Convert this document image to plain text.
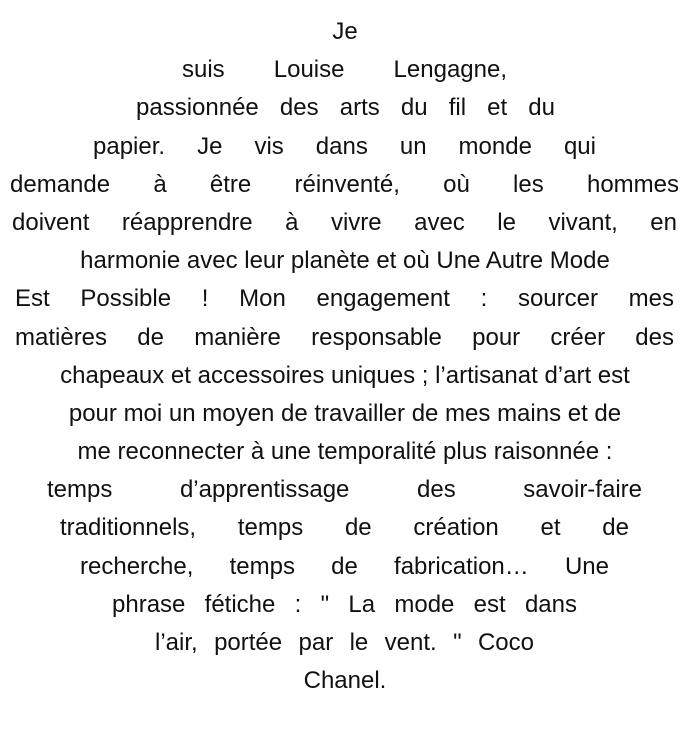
Je
suis Louise Lengagne,
passionnée des arts du fil et du
papier. Je vis dans un monde qui
demande à être réinventé, où les hommes
doivent réapprendre à vivre avec le vivant, en
harmonie avec leur planète et où Une Autre Mode
Est Possible ! Mon engagement : sourcer mes
matières de manière responsable pour créer des
chapeaux et accessoires uniques ; l’artisanat d’art est
pour moi un moyen de travailler de mes mains et de
me reconnecter à une temporalité plus raisonnée :
temps d’apprentissage des savoir-faire
traditionnels, temps de création et de
recherche, temps de fabrication… Une
phrase fétiche : " La mode est dans
l’air, portée par le vent. " Coco
Chanel.
